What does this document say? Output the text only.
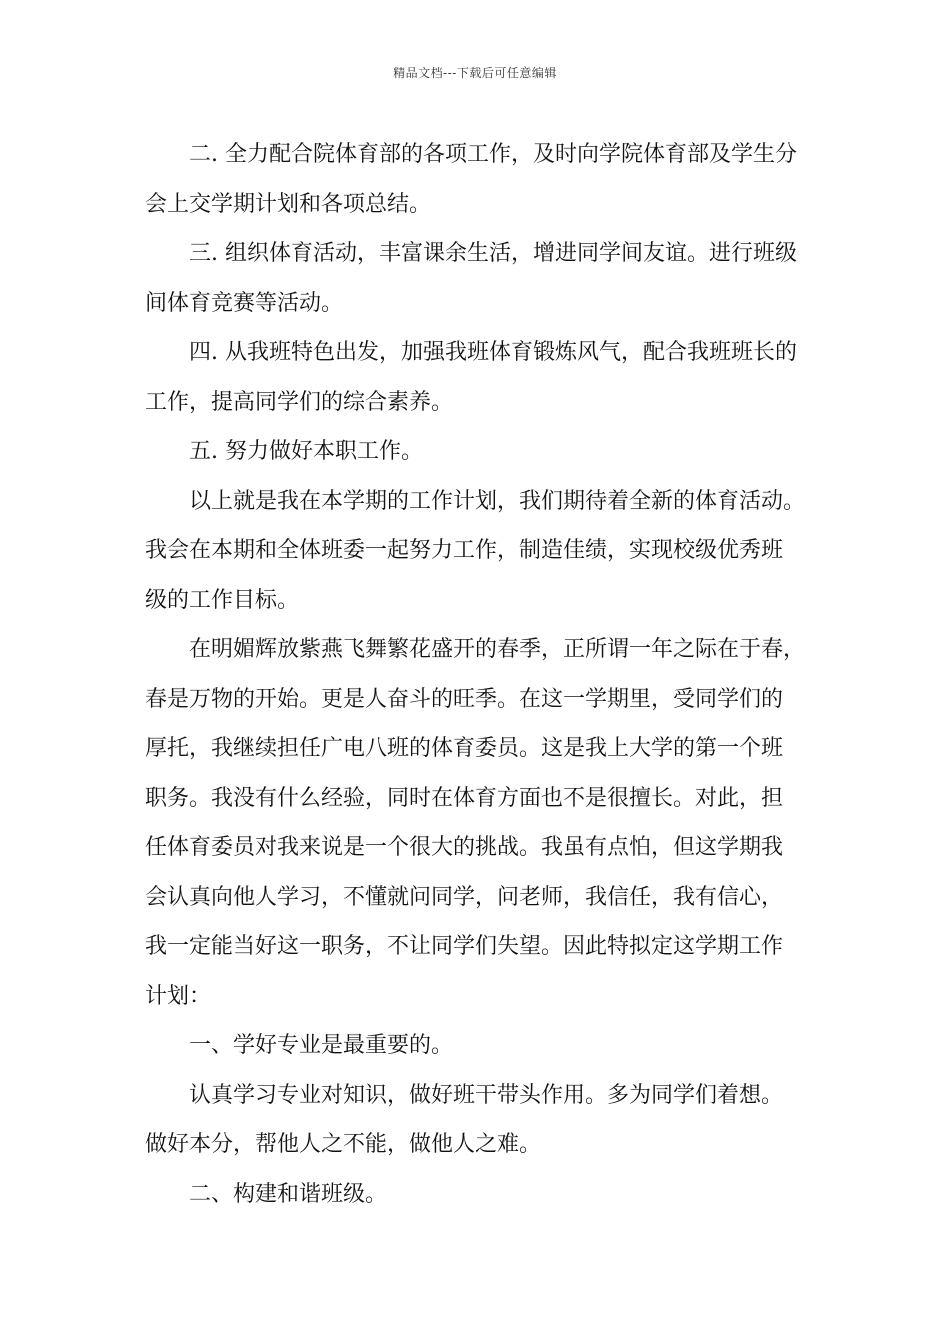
精品文档---下载后可任意编辑

二. 全力配合院体育部的各项工作，及时向学院体育部及学生分
会上交学期计划和各项总结。

三. 组织体育活动，丰富课余生活，增进同学间友谊。进行班级
间体育竞赛等活动。

四. 从我班特色出发，加强我班体育锻炼风气，配合我班班长的
工作，提高同学们的综合素养。

五. 努力做好本职工作。

以上就是我在本学期的工作计划，我们期待着全新的体育活动。
我会在本期和全体班委一起努力工作，制造佳绩，实现校级优秀班
级的工作目标。

在明媚辉放紫燕飞舞繁花盛开的春季，正所谓一年之际在于春，
春是万物的开始。更是人奋斗的旺季。在这一学期里，受同学们的
厚托，我继续担任广电八班的体育委员。这是我上大学的第一个班
职务。我没有什么经验，同时在体育方面也不是很擅长。对此，担
任体育委员对我来说是一个很大的挑战。我虽有点怕，但这学期我
会认真向他人学习，不懂就问同学，问老师，我信任，我有信心，
我一定能当好这一职务，不让同学们失望。因此特拟定这学期工作
计划：

一、学好专业是最重要的。

认真学习专业对知识，做好班干带头作用。多为同学们着想。
做好本分，帮他人之不能，做他人之难。

二、构建和谐班级。
